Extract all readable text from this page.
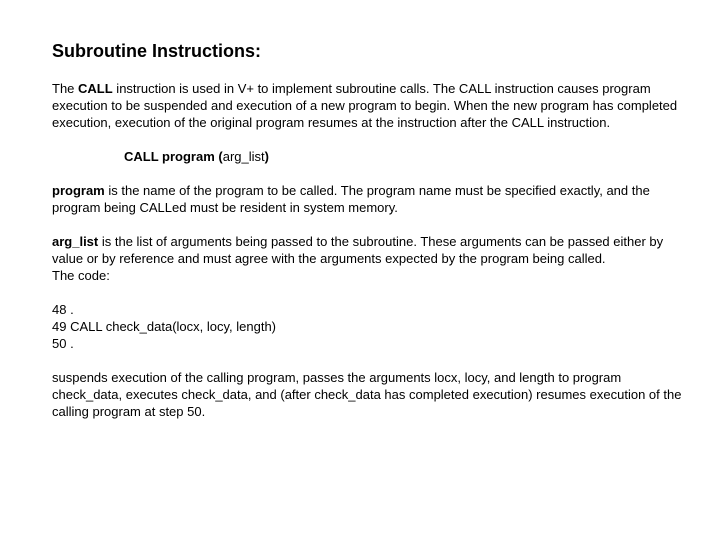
Subroutine Instructions:

The CALL instruction is used in V+ to implement subroutine calls. The CALL instruction causes program execution to be suspended and execution of a new program to begin. When the new program has completed execution, execution of the original program resumes at the instruction after the CALL instruction.

CALL program (arg_list)

program is the name of the program to be called. The program name must be specified exactly, and the program being CALLed must be resident in system memory.

arg_list is the list of arguments being passed to the subroutine. These arguments can be passed either by value or by reference and must agree with the arguments expected by the program being called.
The code:

48 .
49 CALL check_data(locx, locy, length)
50 .

suspends execution of the calling program, passes the arguments locx, locy, and length to program check_data, executes check_data, and (after check_data has completed execution) resumes execution of the calling program at step 50.
